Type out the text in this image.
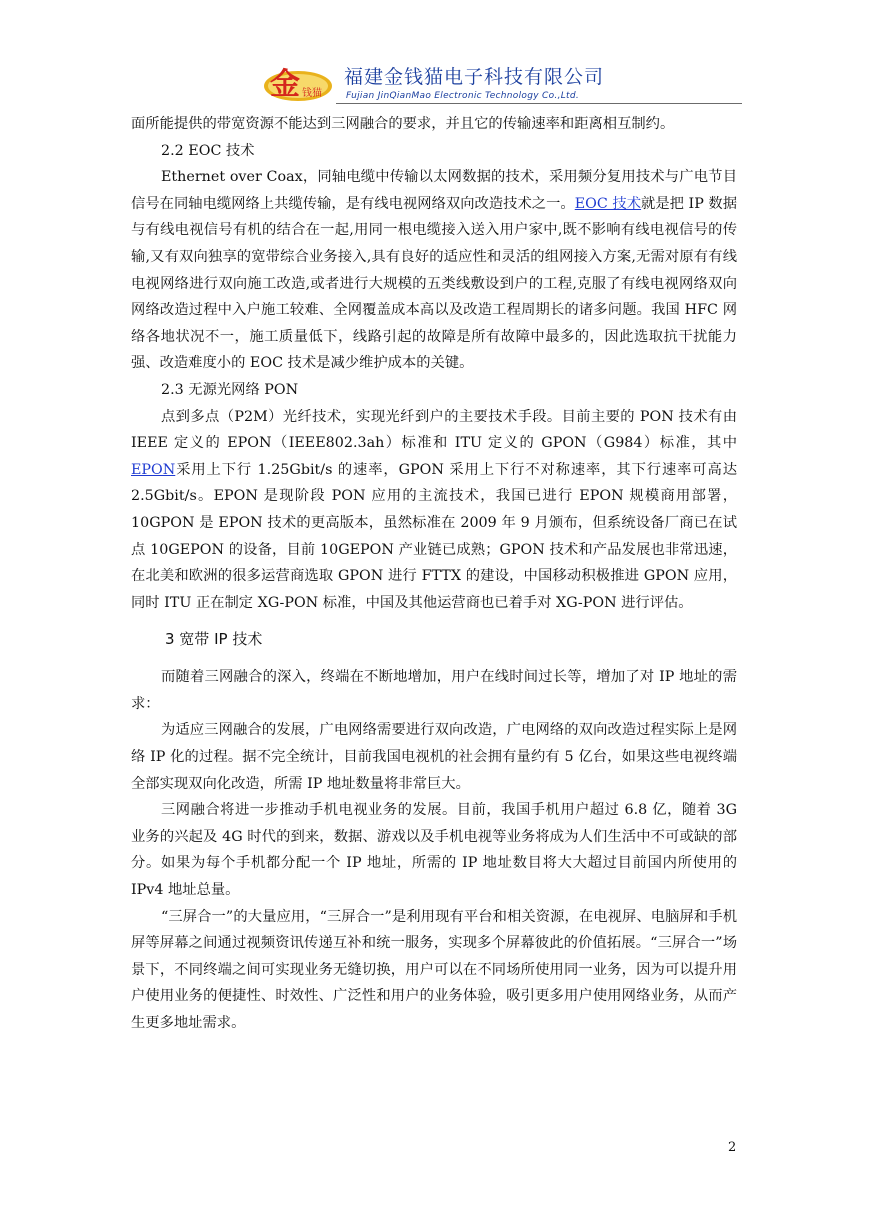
金 钱猫
福建金钱猫电子科技有限公司
Fujian JinQianMao Electronic Technology Co.,Ltd.

面所能提供的带宽资源不能达到三网融合的要求，并且它的传输速率和距离相互制约。

2.2 EOC 技术

Ethernet over Coax，同轴电缆中传输以太网数据的技术，采用频分复用技术与广电节目信号在同轴电缆网络上共缆传输，是有线电视网络双向改造技术之一。EOC 技术就是把 IP 数据与有线电视信号有机的结合在一起,用同一根电缆接入送入用户家中,既不影响有线电视信号的传输,又有双向独享的宽带综合业务接入,具有良好的适应性和灵活的组网接入方案,无需对原有有线电视网络进行双向施工改造,或者进行大规模的五类线敷设到户的工程,克服了有线电视网络双向网络改造过程中入户施工较难、全网覆盖成本高以及改造工程周期长的诸多问题。我国 HFC 网络各地状况不一，施工质量低下，线路引起的故障是所有故障中最多的，因此选取抗干扰能力强、改造难度小的 EOC 技术是减少维护成本的关键。

2.3 无源光网络 PON

点到多点（P2M）光纤技术，实现光纤到户的主要技术手段。目前主要的 PON 技术有由 IEEE 定义的 EPON（IEEE802.3ah）标准和 ITU 定义的 GPON（G984）标准，其中EPON采用上下行 1.25Gbit/s 的速率，GPON 采用上下行不对称速率，其下行速率可高达 2.5Gbit/s。EPON 是现阶段 PON 应用的主流技术，我国已进行 EPON 规模商用部署，10GPON 是 EPON 技术的更高版本，虽然标准在 2009 年 9 月颁布，但系统设备厂商已在试点 10GEPON 的设备，目前 10GEPON 产业链已成熟；GPON 技术和产品发展也非常迅速，在北美和欧洲的很多运营商选取 GPON 进行 FTTX 的建设，中国移动积极推进 GPON 应用，同时 ITU 正在制定 XG-PON 标准，中国及其他运营商也已着手对 XG-PON 进行评估。

3 宽带 IP 技术

而随着三网融合的深入，终端在不断地增加，用户在线时间过长等，增加了对 IP 地址的需求：

为适应三网融合的发展，广电网络需要进行双向改造，广电网络的双向改造过程实际上是网络 IP 化的过程。据不完全统计，目前我国电视机的社会拥有量约有 5 亿台，如果这些电视终端全部实现双向化改造，所需 IP 地址数量将非常巨大。

三网融合将进一步推动手机电视业务的发展。目前，我国手机用户超过 6.8 亿，随着 3G 业务的兴起及 4G 时代的到来，数据、游戏以及手机电视等业务将成为人们生活中不可或缺的部分。如果为每个手机都分配一个 IP 地址，所需的 IP 地址数目将大大超过目前国内所使用的 IPv4 地址总量。

“三屏合一”的大量应用，“三屏合一”是利用现有平台和相关资源，在电视屏、电脑屏和手机屏等屏幕之间通过视频资讯传递互补和统一服务，实现多个屏幕彼此的价值拓展。“三屏合一”场景下，不同终端之间可实现业务无缝切换，用户可以在不同场所使用同一业务，因为可以提升用户使用业务的便捷性、时效性、广泛性和用户的业务体验，吸引更多用户使用网络业务，从而产生更多地址需求。

2
